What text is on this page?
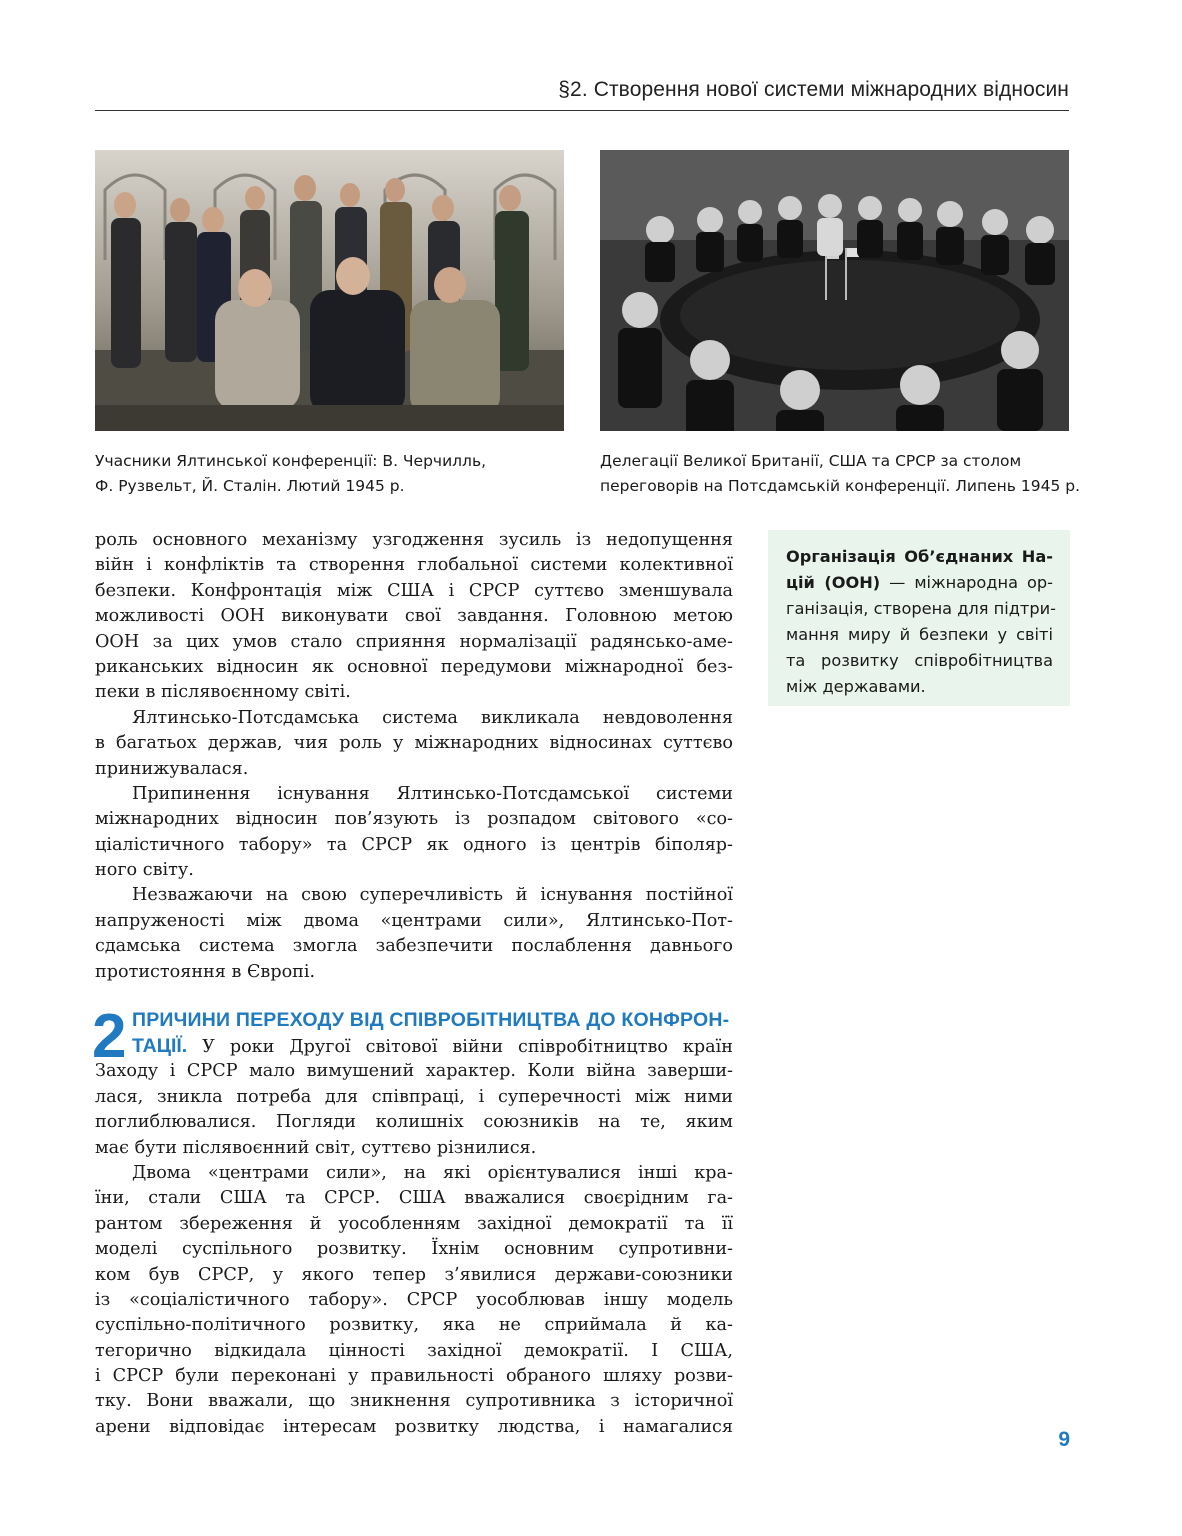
§2. Створення нової системи міжнародних відносин
Учасники Ялтинської конференції: В. Черчилль,
Ф. Рузвельт, Й. Сталін. Лютий 1945 р.
Делегації Великої Британії, США та СРСР за столом
переговорів на Потсдамській конференції. Липень 1945 р.
роль основного механізму узгодження зусиль із недопущення
війн і конфліктів та створення глобальної системи колективної
безпеки. Конфронтація між США і СРСР суттєво зменшувала
можливості ООН виконувати свої завдання. Головною метою
ООН за цих умов стало сприяння нормалізації радянсько-аме-
риканських відносин як основної передумови міжнародної без-
пеки в післявоєнному світі.
Ялтинсько-Потсдамська система викликала невдоволення
в багатьох держав, чия роль у міжнародних відносинах суттєво
принижувалася.
Припинення існування Ялтинсько-Потсдамської системи
міжнародних відносин пов’язують із розпадом світового «со-
ціалістичного табору» та СРСР як одного із центрів біполяр-
ного світу.
Незважаючи на свою суперечливість й існування постійної
напруженості між двома «центрами сили», Ялтинсько-Пот-
сдамська система змогла забезпечити послаблення давнього
протистояння в Європі.
Організація Об’єднаних На-
цій (ООН) — міжнародна ор-
ганізація, створена для підтри-
мання миру й безпеки у світі
та розвитку співробітництва
між державами.
2 ПРИЧИНИ ПЕРЕХОДУ ВІД СПІВРОБІТНИЦТВА ДО КОНФРОН-
ТАЦІЇ. У роки Другої світової війни співробітництво країн
Заходу і СРСР мало вимушений характер. Коли війна заверши-
лася, зникла потреба для співпраці, і суперечності між ними
поглиблювалися. Погляди колишніх союзників на те, яким
має бути післявоєнний світ, суттєво різнилися.
Двома «центрами сили», на які орієнтувалися інші кра-
їни, стали США та СРСР. США вважалися своєрідним га-
рантом збереження й уособленням західної демократії та її
моделі суспільного розвитку. Їхнім основним супротивни-
ком був СРСР, у якого тепер з’явилися держави-союзники
із «соціалістичного табору». СРСР уособлював іншу модель
суспільно-політичного розвитку, яка не сприймала й ка-
тегорично відкидала цінності західної демократії. І США,
і СРСР були переконані у правильності обраного шляху розви-
тку. Вони вважали, що зникнення супротивника з історичної
арени відповідає інтересам розвитку людства, і намагалися
9
